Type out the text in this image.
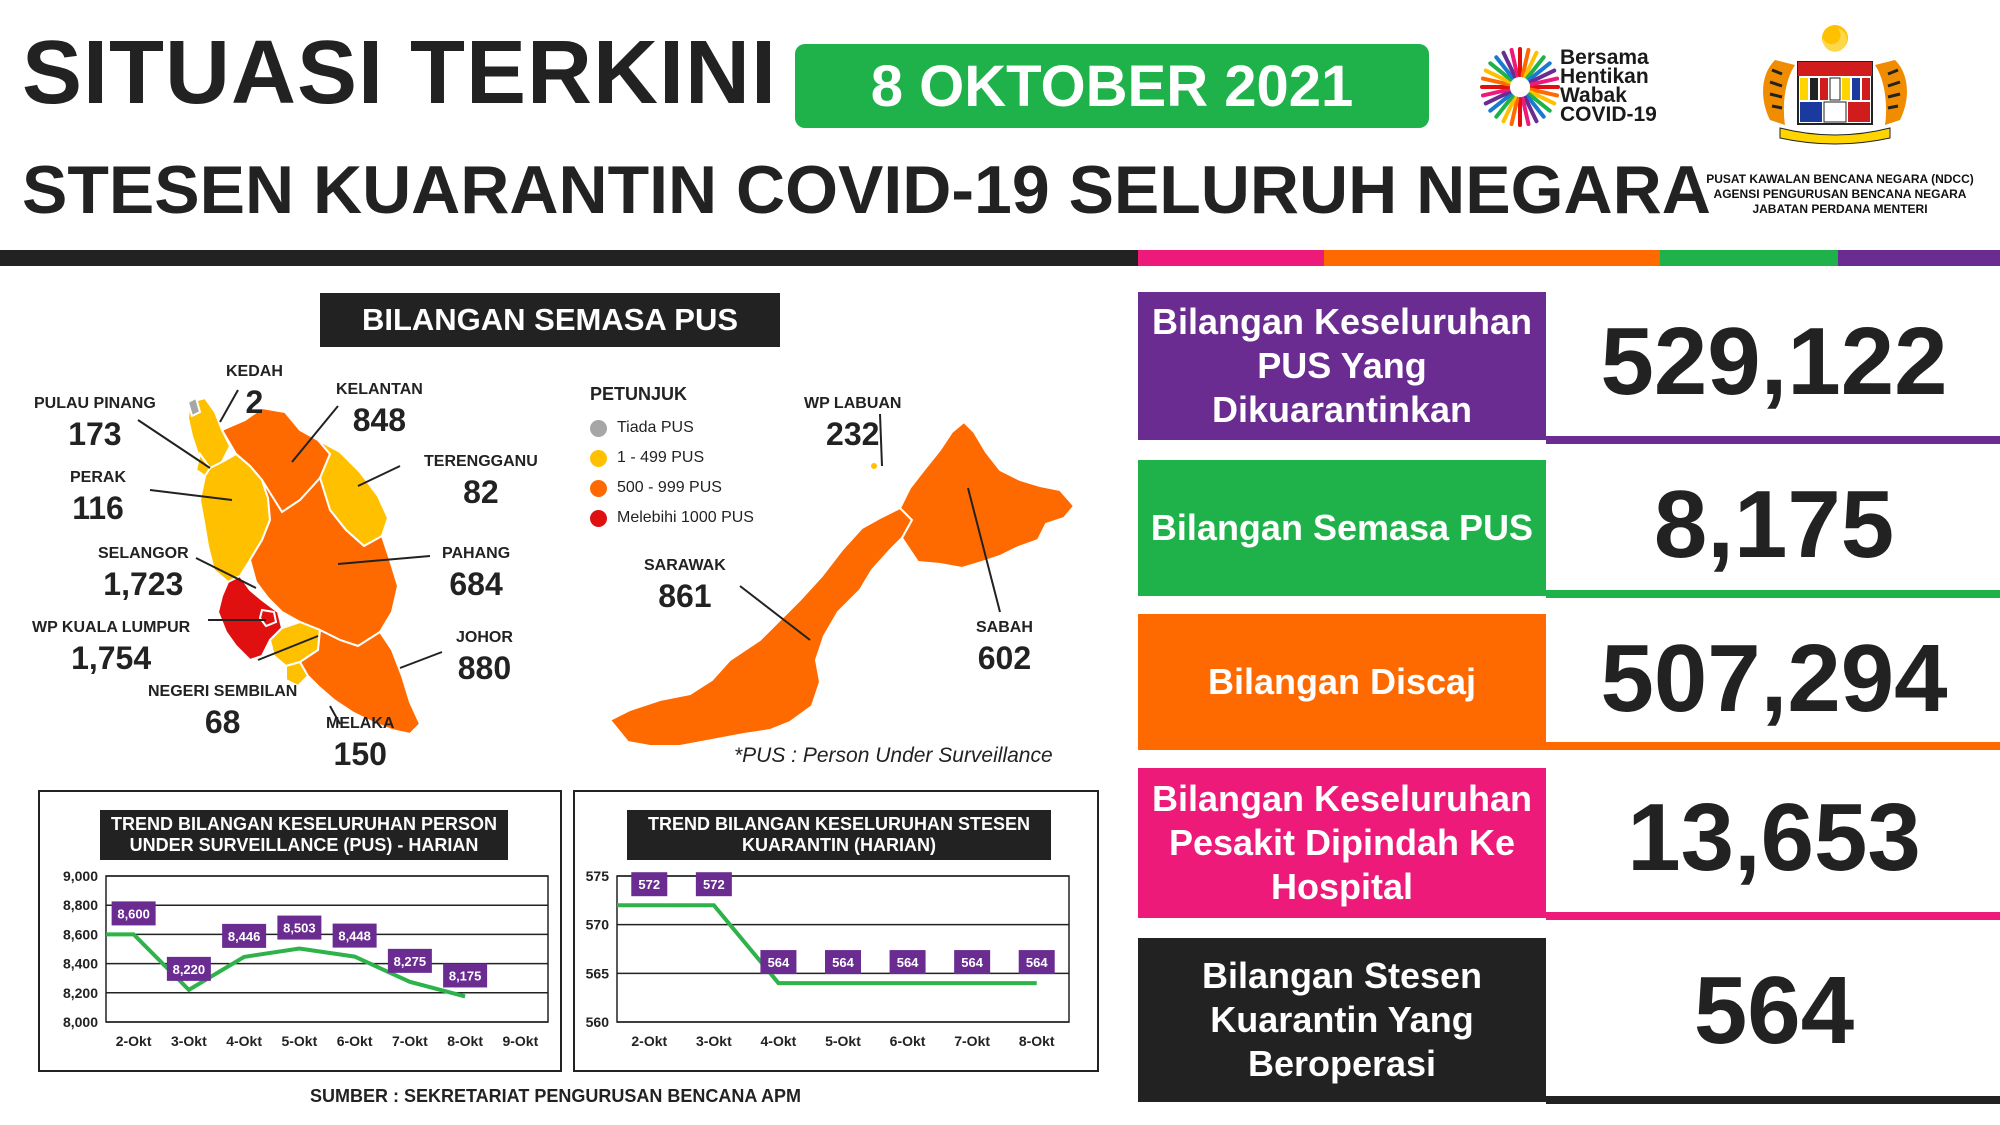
SITUASI TERKINI	8 OKTOBER 2021
STESEN KUARANTIN COVID-19 SELURUH NEGARA
Bersama
Hentikan
Wabak
COVID-19
PUSAT KAWALAN BENCANA NEGARA (NDCC)
AGENSI PENGURUSAN BENCANA NEGARA
JABATAN PERDANA MENTERI
BILANGAN SEMASA PUS
KEDAH
2
PULAU PINANG
173
KELANTAN
848
TERENGGANU
82
PERAK
116
SELANGOR
1,723
PAHANG
684
WP KUALA LUMPUR
1,754
JOHOR
880
NEGERI SEMBILAN
68	MELAKA
150
WP LABUAN
232
SARAWAK
861
SABAH
602
PETUNJUK
Tiada PUS
1 - 499 PUS
500 - 999 PUS
Melebihi 1000 PUS
*PUS : Person Under Surveillance
TREND BILANGAN KESELURUHAN PERSON UNDER SURVEILLANCE (PUS) - HARIAN
8,000
8,200
8,400
8,600
8,800
9,000
2-Okt 3-Okt 4-Okt 5-Okt 6-Okt 7-Okt 8-Okt 9-Okt
8,600
8,220
8,446
8,503
8,448
8,275
8,175
TREND BILANGAN KESELURUHAN STESEN KUARANTIN (HARIAN)
560
565
570
575
2-Okt 3-Okt 4-Okt 5-Okt 6-Okt 7-Okt 8-Okt
572	572
564	564	564	564	564
SUMBER : SEKRETARIAT PENGURUSAN BENCANA APM
Bilangan Keseluruhan PUS Yang Dikuarantinkan	529,122
Bilangan Semasa PUS	8,175
Bilangan Discaj	507,294
Bilangan Keseluruhan Pesakit Dipindah Ke Hospital	13,653
Bilangan Stesen Kuarantin Yang Beroperasi	564
